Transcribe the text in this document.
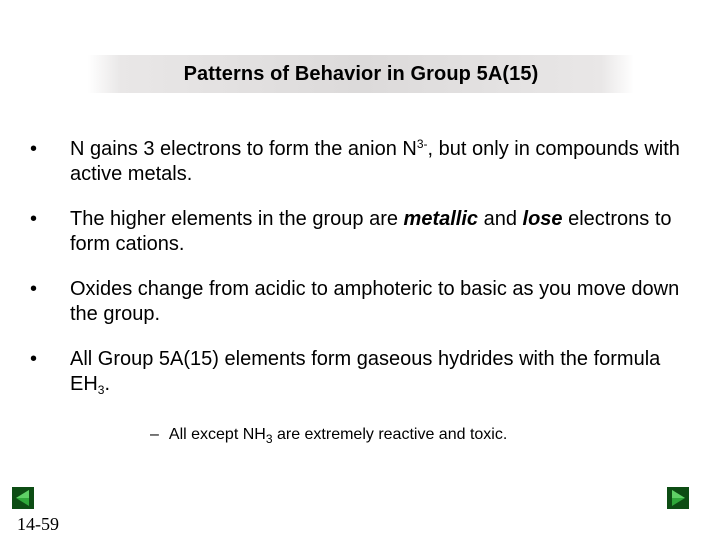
Patterns of Behavior in Group 5A(15)
•	N gains 3 electrons to form the anion $N^{3-}$, but only in compounds with active metals.
•	The higher elements in the group are metallic and lose electrons to form cations.
•	Oxides change from acidic to amphoteric to basic as you move down the group.
•	All Group 5A(15) elements form gaseous hydrides with the formula $EH_3$.
– All except $NH_3$ are extremely reactive and toxic.
14-59
